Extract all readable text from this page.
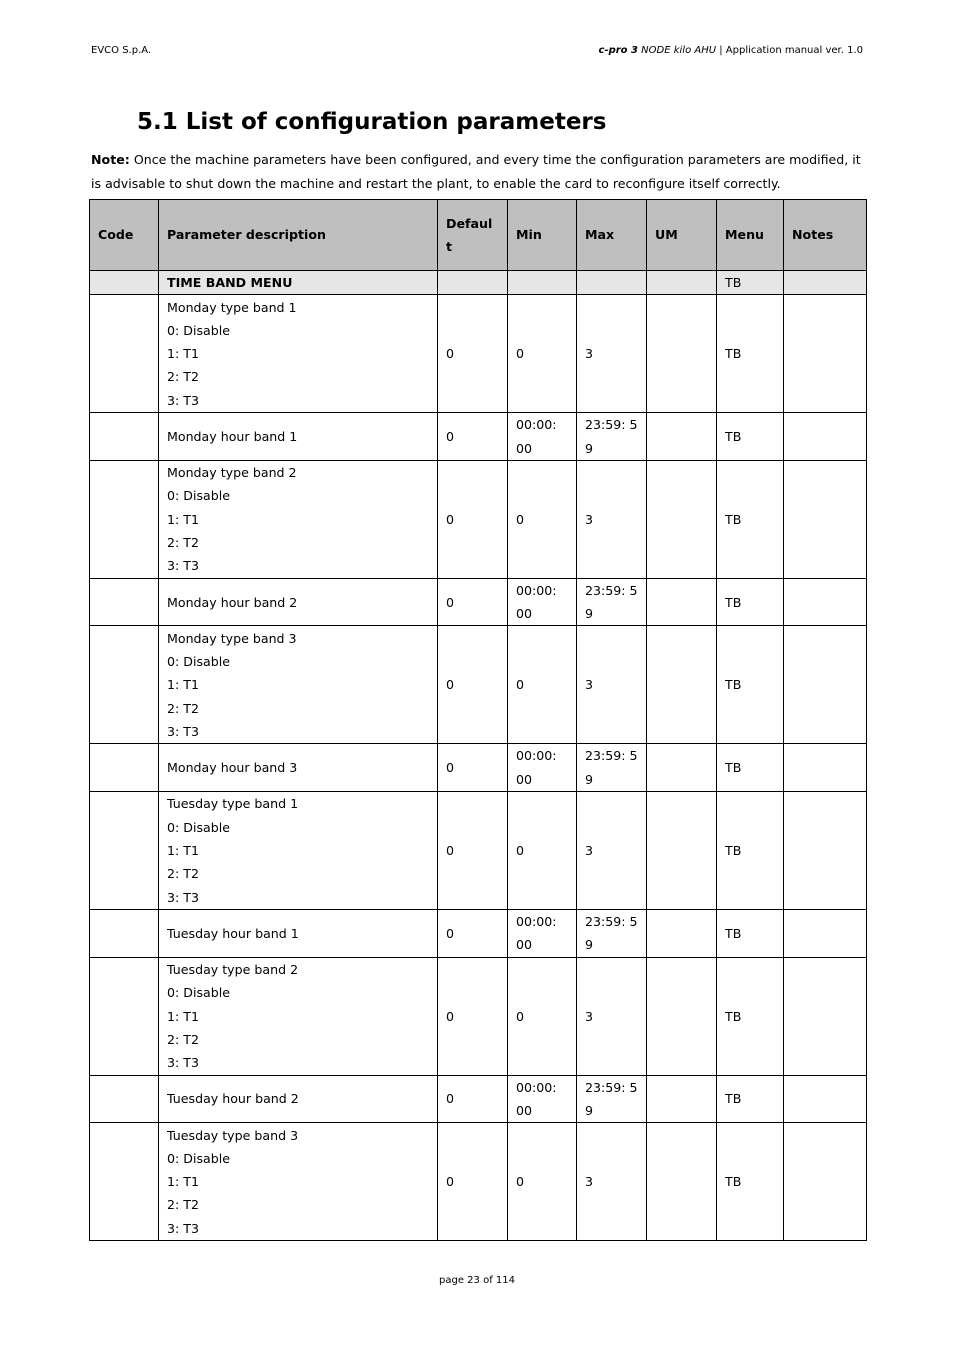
EVCO S.p.A.	c-pro 3 NODE kilo AHU | Application manual ver. 1.0
5.1 List of configuration parameters
Note: Once the machine parameters have been configured, and every time the configuration parameters are modified, it is advisable to shut down the machine and restart the plant, to enable the card to reconfigure itself correctly.
Code	Parameter description	Defaul t	Min	Max	UM	Menu	Notes
	TIME BAND MENU					TB	

	Monday type band 1
0: Disable
1: T1
2: T2
3: T3	0	0	3		TB	

	Monday hour band 1	0	00:00: 00	23:59: 59		TB	

	Monday type band 2
0: Disable
1: T1
2: T2
3: T3	0	0	3		TB	

	Monday hour band 2	0	00:00: 00	23:59: 59		TB	

	Monday type band 3
0: Disable
1: T1
2: T2
3: T3	0	0	3		TB	

	Monday hour band 3	0	00:00: 00	23:59: 59		TB	

	Tuesday type band 1
0: Disable
1: T1
2: T2
3: T3	0	0	3		TB	

	Tuesday hour band 1	0	00:00: 00	23:59: 59		TB	

	Tuesday type band 2
0: Disable
1: T1
2: T2
3: T3	0	0	3		TB	

	Tuesday hour band 2	0	00:00: 00	23:59: 59		TB	

	Tuesday type band 3
0: Disable
1: T1
2: T2
3: T3	0	0	3		TB	
page 23 of 114
